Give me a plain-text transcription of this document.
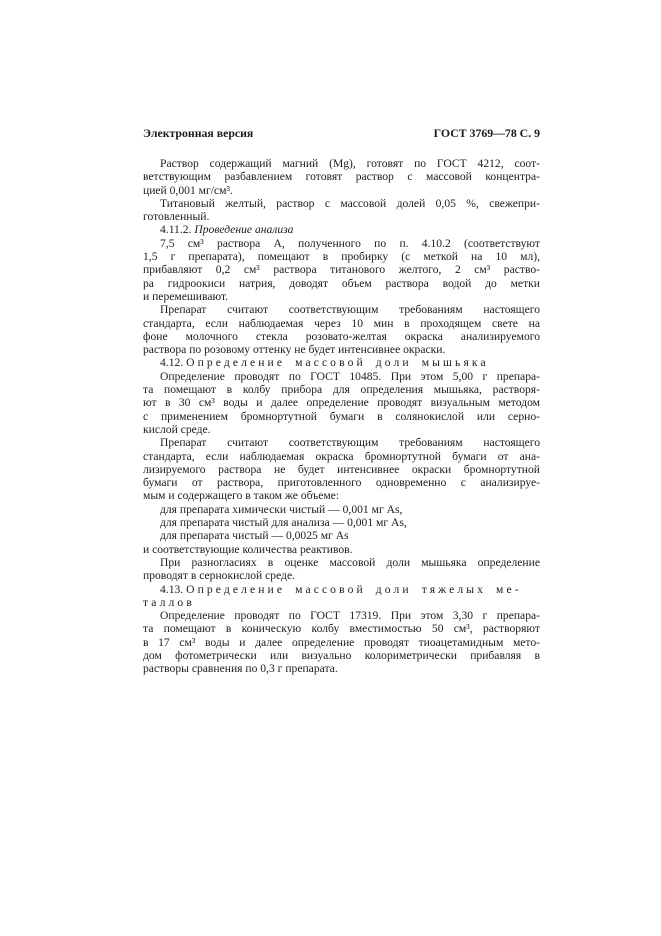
Электронная версия	ГОСТ 3769—78 С. 9
Раствор содержащий магний (Mg), готовят по ГОСТ 4212, соот-
ветствующим разбавлением готовят раствор с массовой концентра-
цией 0,001 мг/см³.
Титановый желтый, раствор с массовой долей 0,05 %, свежепри-
готовленный.
4.11.2. Проведение анализа
7,5 см³ раствора А, полученного по п. 4.10.2 (соответствуют
1,5 г препарата), помещают в пробирку (с меткой на 10 мл),
прибавляют 0,2 см³ раствора титанового желтого, 2 см³ раство-
ра гидроокиси натрия, доводят объем раствора водой до метки
и перемешивают.
Препарат считают соответствующим требованиям настоящего
стандарта, если наблюдаемая через 10 мин в проходящем свете на
фоне молочного стекла розовато-желтая окраска анализируемого
раствора по розовому оттенку не будет интенсивнее окраски.
4.12. Определение массовой доли мышьяка
Определение проводят по ГОСТ 10485. При этом 5,00 г препара-
та помещают в колбу прибора для определения мышьяка, растворя-
ют в 30 см³ воды и далее определение проводят визуальным методом
с применением бромнортутной бумаги в солянокислой или серно-
кислой среде.
Препарат считают соответствующим требованиям настоящего
стандарта, если наблюдаемая окраска бромнортутной бумаги от ана-
лизируемого раствора не будет интенсивнее окраски бромнортутной
бумаги от раствора, приготовленного одновременно с анализируе-
мым и содержащего в таком же объеме:
для препарата химически чистый — 0,001 мг As,
для препарата чистый для анализа — 0,001 мг As,
для препарата чистый — 0,0025 мг As
и соответствующие количества реактивов.
При разногласиях в оценке массовой доли мышьяка определение
проводят в сернокислой среде.
4.13. Определение массовой доли тяжелых ме-
таллов
Определение проводят по ГОСТ 17319. При этом 3,30 г препара-
та помещают в коническую колбу вместимостью 50 см³, растворяют
в 17 см³ воды и далее определение проводят тиоацетамидным мето-
дом фотометрически или визуально колориметрически прибавляя в
растворы сравнения по 0,3 г препарата.
